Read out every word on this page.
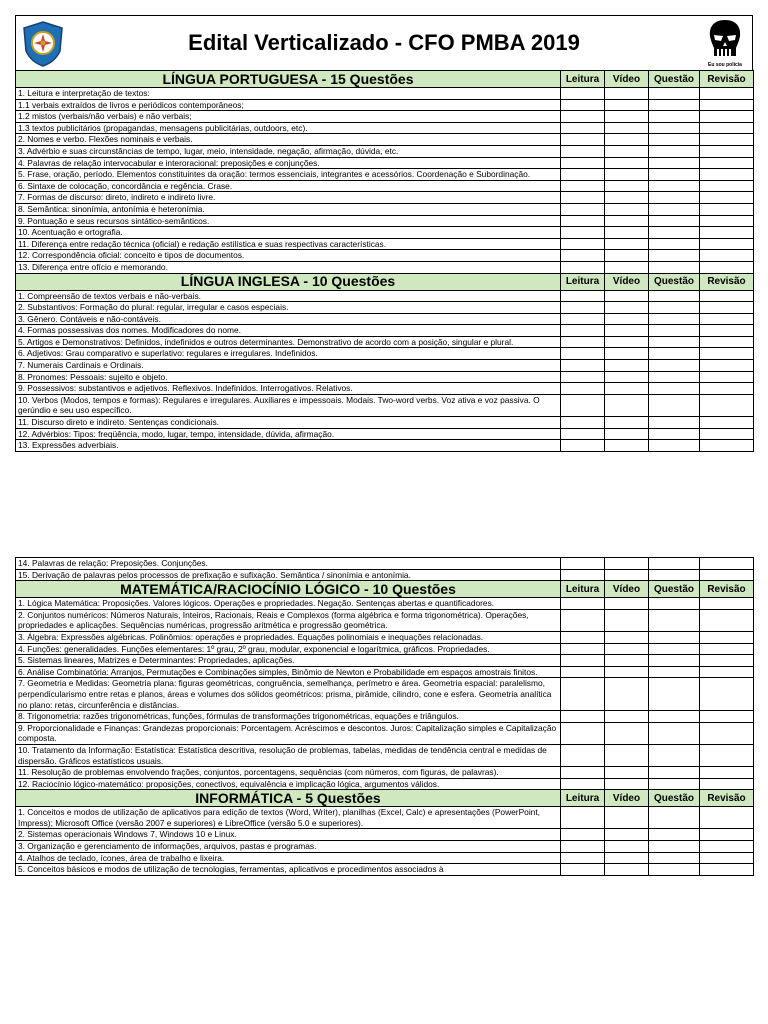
Edital Verticalizado - CFO PMBA 2019
Eu sou polícia
LÍNGUA PORTUGUESA - 15 Questões	Leitura	Vídeo	Questão	Revisão
1. Leitura e interpretação de textos:				
1.1 verbais extraídos de livros e periódicos contemporâneos;				
1.2 mistos (verbais/não verbais) e não verbais;				
1.3 textos publicitários (propagandas, mensagens publicitárias, outdoors, etc).				
2. Nomes e verbo. Flexões nominais e verbais.				
3. Advérbio e suas circunstâncias de tempo, lugar, meio, intensidade, negação, afirmação, dúvida, etc.				
4. Palavras de relação intervocabular e interoracional: preposições e conjunções.				
5. Frase, oração, período. Elementos constituintes da oração: termos essenciais, integrantes e acessórios. Coordenação e Subordinação.				
6. Sintaxe de colocação, concordância e regência. Crase.				
7. Formas de discurso: direto, indireto e indireto livre.				
8. Semântica: sinonímia, antonímia e heteronímia.				
9. Pontuação e seus recursos sintático-semânticos.				
10. Acentuação e ortografia.				
11. Diferença entre redação técnica (oficial) e redação estilística e suas respectivas características.				
12. Correspondência oficial: conceito e tipos de documentos.				
13. Diferença entre ofício e memorando.				
LÍNGUA INGLESA - 10 Questões	Leitura	Vídeo	Questão	Revisão
1. Compreensão de textos verbais e não-verbais.				
2. Substantivos: Formação do plural: regular, irregular e casos especiais.				
3. Gênero. Contáveis e não-contáveis.				
4. Formas possessivas dos nomes. Modificadores do nome.				
5. Artigos e Demonstrativos: Definidos, indefinidos e outros determinantes. Demonstrativo de acordo com a posição, singular e plural.				
6. Adjetivos: Grau comparativo e superlativo: regulares e irregulares. Indefinidos.				
7. Numerais Cardinais e Ordinais.				
8. Pronomes: Pessoais: sujeito e objeto.				
9. Possessivos: substantivos e adjetivos. Reflexivos. Indefinidos. Interrogativos. Relativos.				
10. Verbos (Modos, tempos e formas): Regulares e irregulares. Auxiliares e impessoais. Modais. Two-word verbs. Voz ativa e voz passiva. O gerúndio e seu uso específico.				
11. Discurso direto e indireto. Sentenças condicionais.				
12. Advérbios: Tipos: freqüência, modo, lugar, tempo, intensidade, dúvida, afirmação.				
13. Expressões adverbiais.				
14. Palavras de relação: Preposições. Conjunções.				
15. Derivação de palavras pelos processos de prefixação e sufixação. Semântica / sinonímia e antonímia.				
MATEMÁTICA/RACIOCÍNIO LÓGICO - 10 Questões	Leitura	Vídeo	Questão	Revisão
1. Lógica Matemática: Proposições. Valores lógicos. Operações e propriedades. Negação. Sentenças abertas e quantificadores.				
2. Conjuntos numéricos: Números Naturais, Inteiros, Racionais, Reais e Complexos (forma algébrica e forma trigonométrica). Operações, propriedades e aplicações. Sequências numéricas, progressão aritmética e progressão geométrica.				
3. Álgebra: Expressões algébricas. Polinômios: operações e propriedades. Equações polinomiais e inequações relacionadas.				
4. Funções: generalidades. Funções elementares: 1º grau, 2º grau, modular, exponencial e logarítmica, gráficos. Propriedades.				
5. Sistemas lineares, Matrizes e Determinantes: Propriedades, aplicações.				
6. Análise Combinatória: Arranjos, Permutações e Combinações simples, Binômio de Newton e Probabilidade em espaços amostrais finitos.				
7. Geometria e Medidas: Geometria plana: figuras geométricas, congruência, semelhança, perímetro e área. Geometria espacial: paralelismo, perpendicularismo entre retas e planos, áreas e volumes dos sólidos geométricos: prisma, pirâmide, cilindro, cone e esfera. Geometria analítica no plano: retas, circunferência e distâncias.				
8. Trigonometria: razões trigonométricas, funções, fórmulas de transformações trigonométricas, equações e triângulos.				
9. Proporcionalidade e Finanças: Grandezas proporcionais: Porcentagem. Acréscimos e descontos. Juros: Capitalização simples e Capitalização composta.				
10. Tratamento da Informação: Estatística: Estatística descritiva, resolução de problemas, tabelas, medidas de tendência central e medidas de dispersão. Gráficos estatísticos usuais.				
11. Resolução de problemas envolvendo frações, conjuntos, porcentagens, sequências (com números, com figuras, de palavras).				
12. Raciocínio lógico-matemático: proposições, conectivos, equivalência e implicação lógica, argumentos válidos.				
INFORMÁTICA - 5 Questões	Leitura	Vídeo	Questão	Revisão
1. Conceitos e modos de utilização de aplicativos para edição de textos (Word, Writer), planilhas (Excel, Calc) e apresentações (PowerPoint, Impress); Microsoft Office (versão 2007 e superiores) e LibreOffice (versão 5.0 e superiores).				
2. Sistemas operacionais Windows 7, Windows 10 e Linux.				
3. Organização e gerenciamento de informações, arquivos, pastas e programas.				
4. Atalhos de teclado, ícones, área de trabalho e lixeira.				
5. Conceitos básicos e modos de utilização de tecnologias, ferramentas, aplicativos e procedimentos associados à				
